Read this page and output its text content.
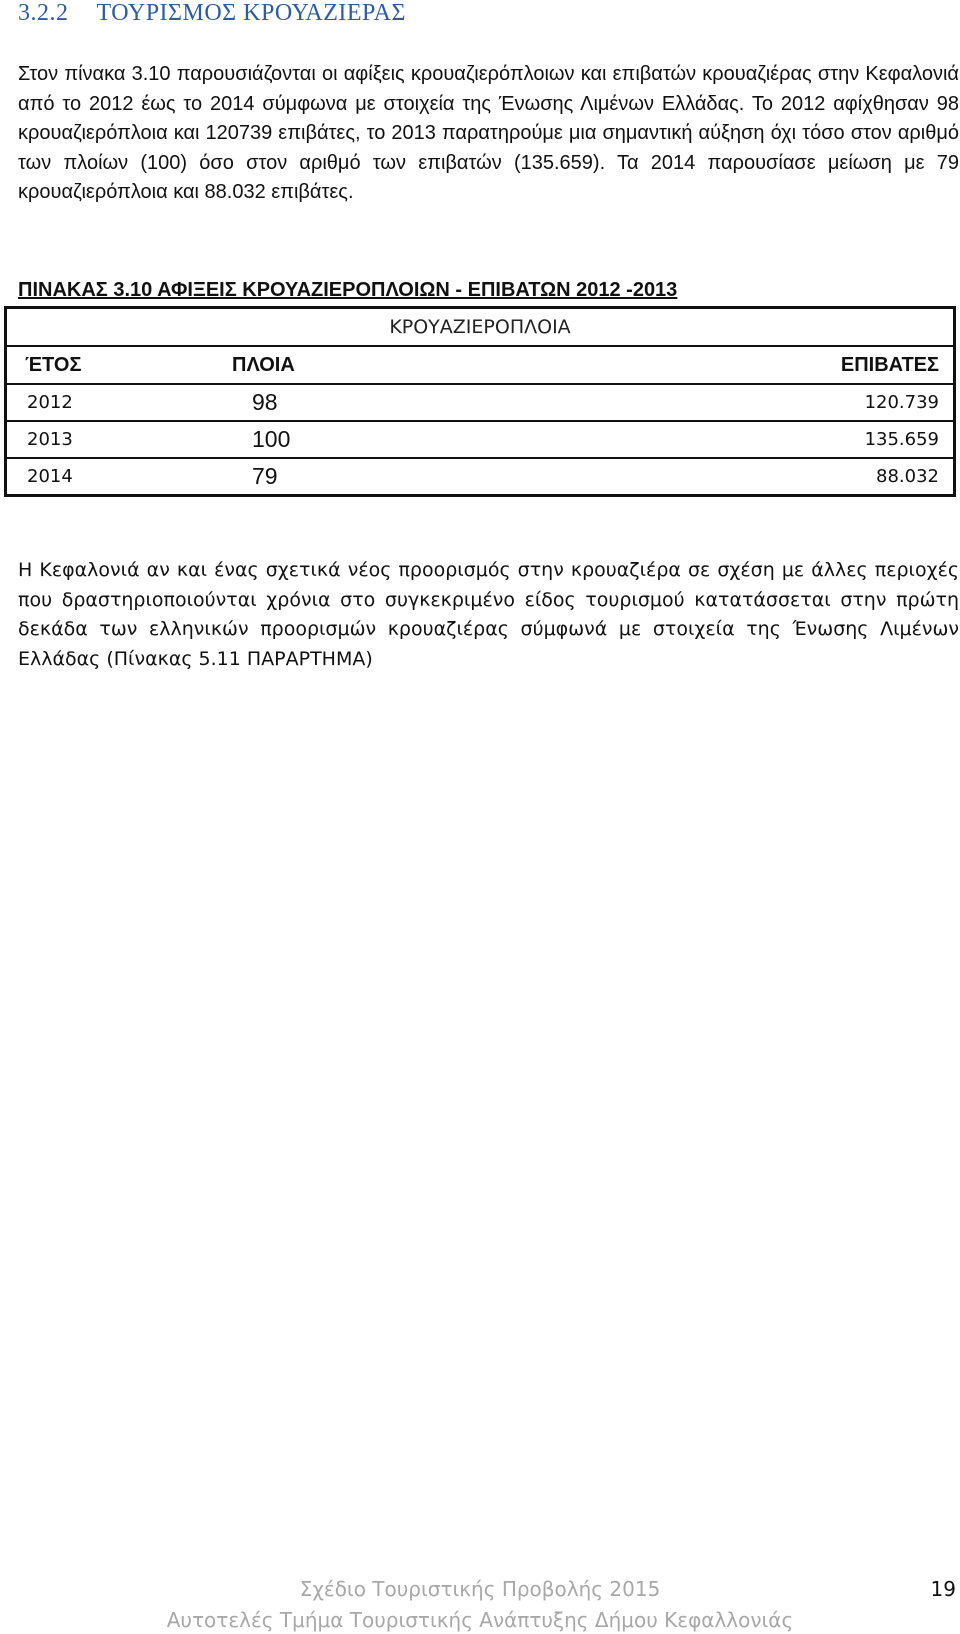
3.2.2 ΤΟΥΡΙΣΜΟΣ ΚΡΟΥΑΖΙΕΡΑΣ

Στον πίνακα 3.10 παρουσιάζονται οι αφίξεις κρουαζιερόπλοιων και επιβατών κρουαζιέρας στην Κεφαλονιά από το 2012 έως το 2014 σύμφωνα με στοιχεία της Ένωσης Λιμένων Ελλάδας. Το 2012 αφίχθησαν 98 κρουαζιερόπλοια και 120739 επιβάτες, το 2013 παρατηρούμε μια σημαντική αύξηση όχι τόσο στον αριθμό των πλοίων (100) όσο στον αριθμό των επιβατών (135.659). Τα 2014 παρουσίασε μείωση με 79 κρουαζιερόπλοια και 88.032 επιβάτες.

ΠΙΝΑΚΑΣ 3.10 ΑΦΙΞΕΙΣ ΚΡΟΥΑΖΙΕΡΟΠΛΟΙΩΝ - ΕΠΙΒΑΤΩΝ 2012 -2013

ΚΡΟΥΑΖΙΕΡΟΠΛΟΙΑ		
ΈΤΟΣ	ΠΛΟΙΑ	ΕΠΙΒΑΤΕΣ
2012	98	120.739
2013	100	135.659
2014	79	88.032

Η Κεφαλονιά αν και ένας σχετικά νέος προορισμός στην κρουαζιέρα σε σχέση με άλλες περιοχές που δραστηριοποιούνται χρόνια στο συγκεκριμένο είδος τουρισμού κατατάσσεται στην πρώτη δεκάδα των ελληνικών προορισμών κρουαζιέρας σύμφωνά με στοιχεία της Ένωσης Λιμένων Ελλάδας (Πίνακας 5.11 ΠΑΡΑΡΤΗΜΑ)

Σχέδιο Τουριστικής Προβολής 2015

Αυτοτελές Τμήμα Τουριστικής Ανάπτυξης Δήμου Κεφαλλονιάς

19
